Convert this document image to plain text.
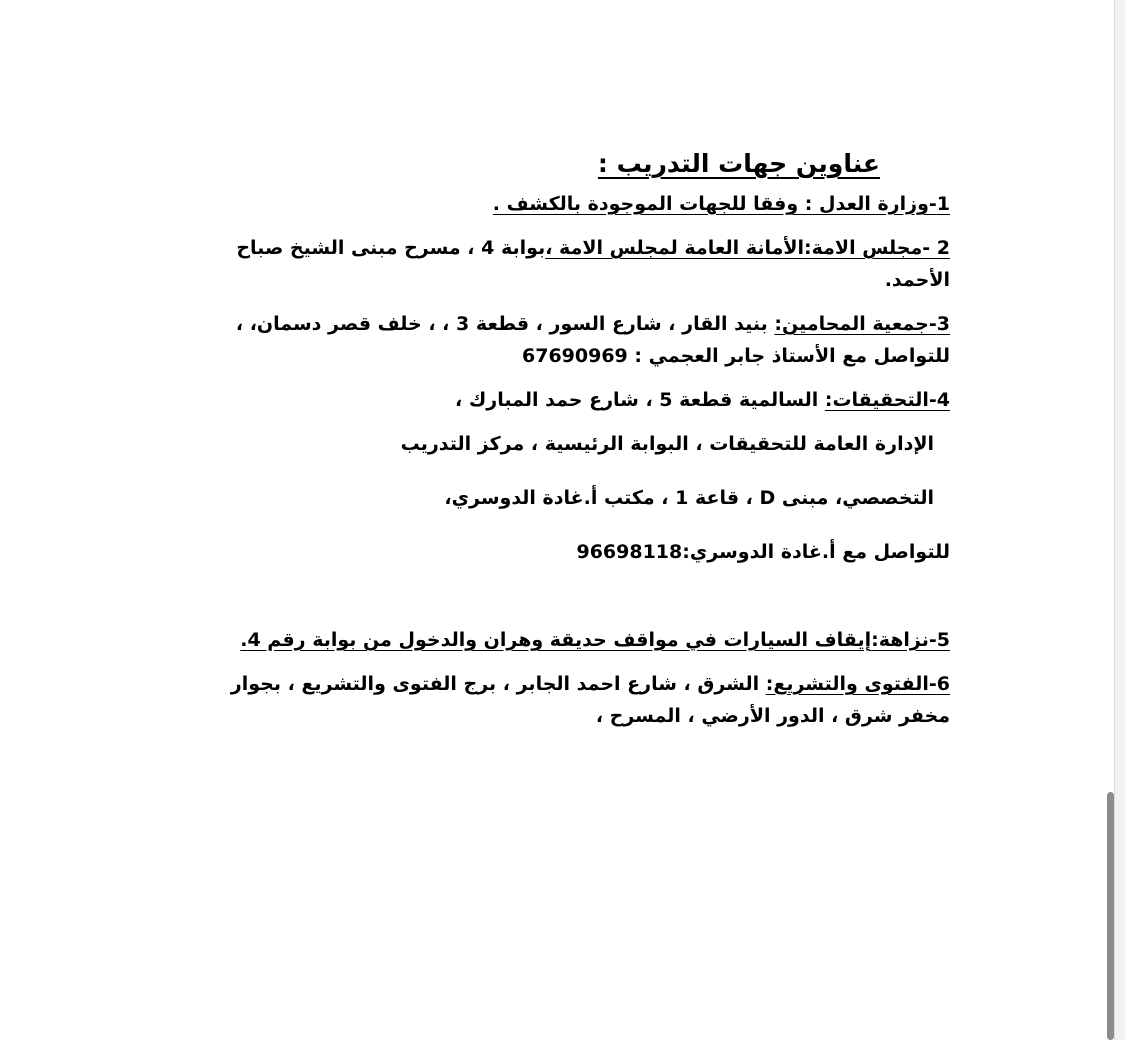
عناوين جهات التدريب :

1-وزارة العدل : وفقا للجهات الموجودة بالكشف .

2 -مجلس الامة:الأمانة العامة لمجلس الامة ،بوابة 4 ، مسرح مبنى الشيخ صباح

الأحمد.

3-جمعية المحامين: بنيد القار ، شارع السور ، قطعة 3 ، ، خلف قصر دسمان، ،

للتواصل مع الأستاذ جابر العجمي : 67690969

4-التحقيقات: السالمية قطعة 5 ، شارع حمد المبارك ،

الإدارة العامة للتحقيقات ، البوابة الرئيسية ، مركز التدريب

التخصصي، مبنى D ، قاعة 1 ، مكتب أ.غادة الدوسري،

للتواصل مع أ.غادة الدوسري:96698118

5-نزاهة:إيقاف السيارات في مواقف حديقة وهران والدخول من بوابة رقم 4.

6-الفتوى والتشريع: الشرق ، شارع احمد الجابر ، برج الفتوى والتشريع ، بجوار

مخفر شرق ، الدور الأرضي ، المسرح ،
